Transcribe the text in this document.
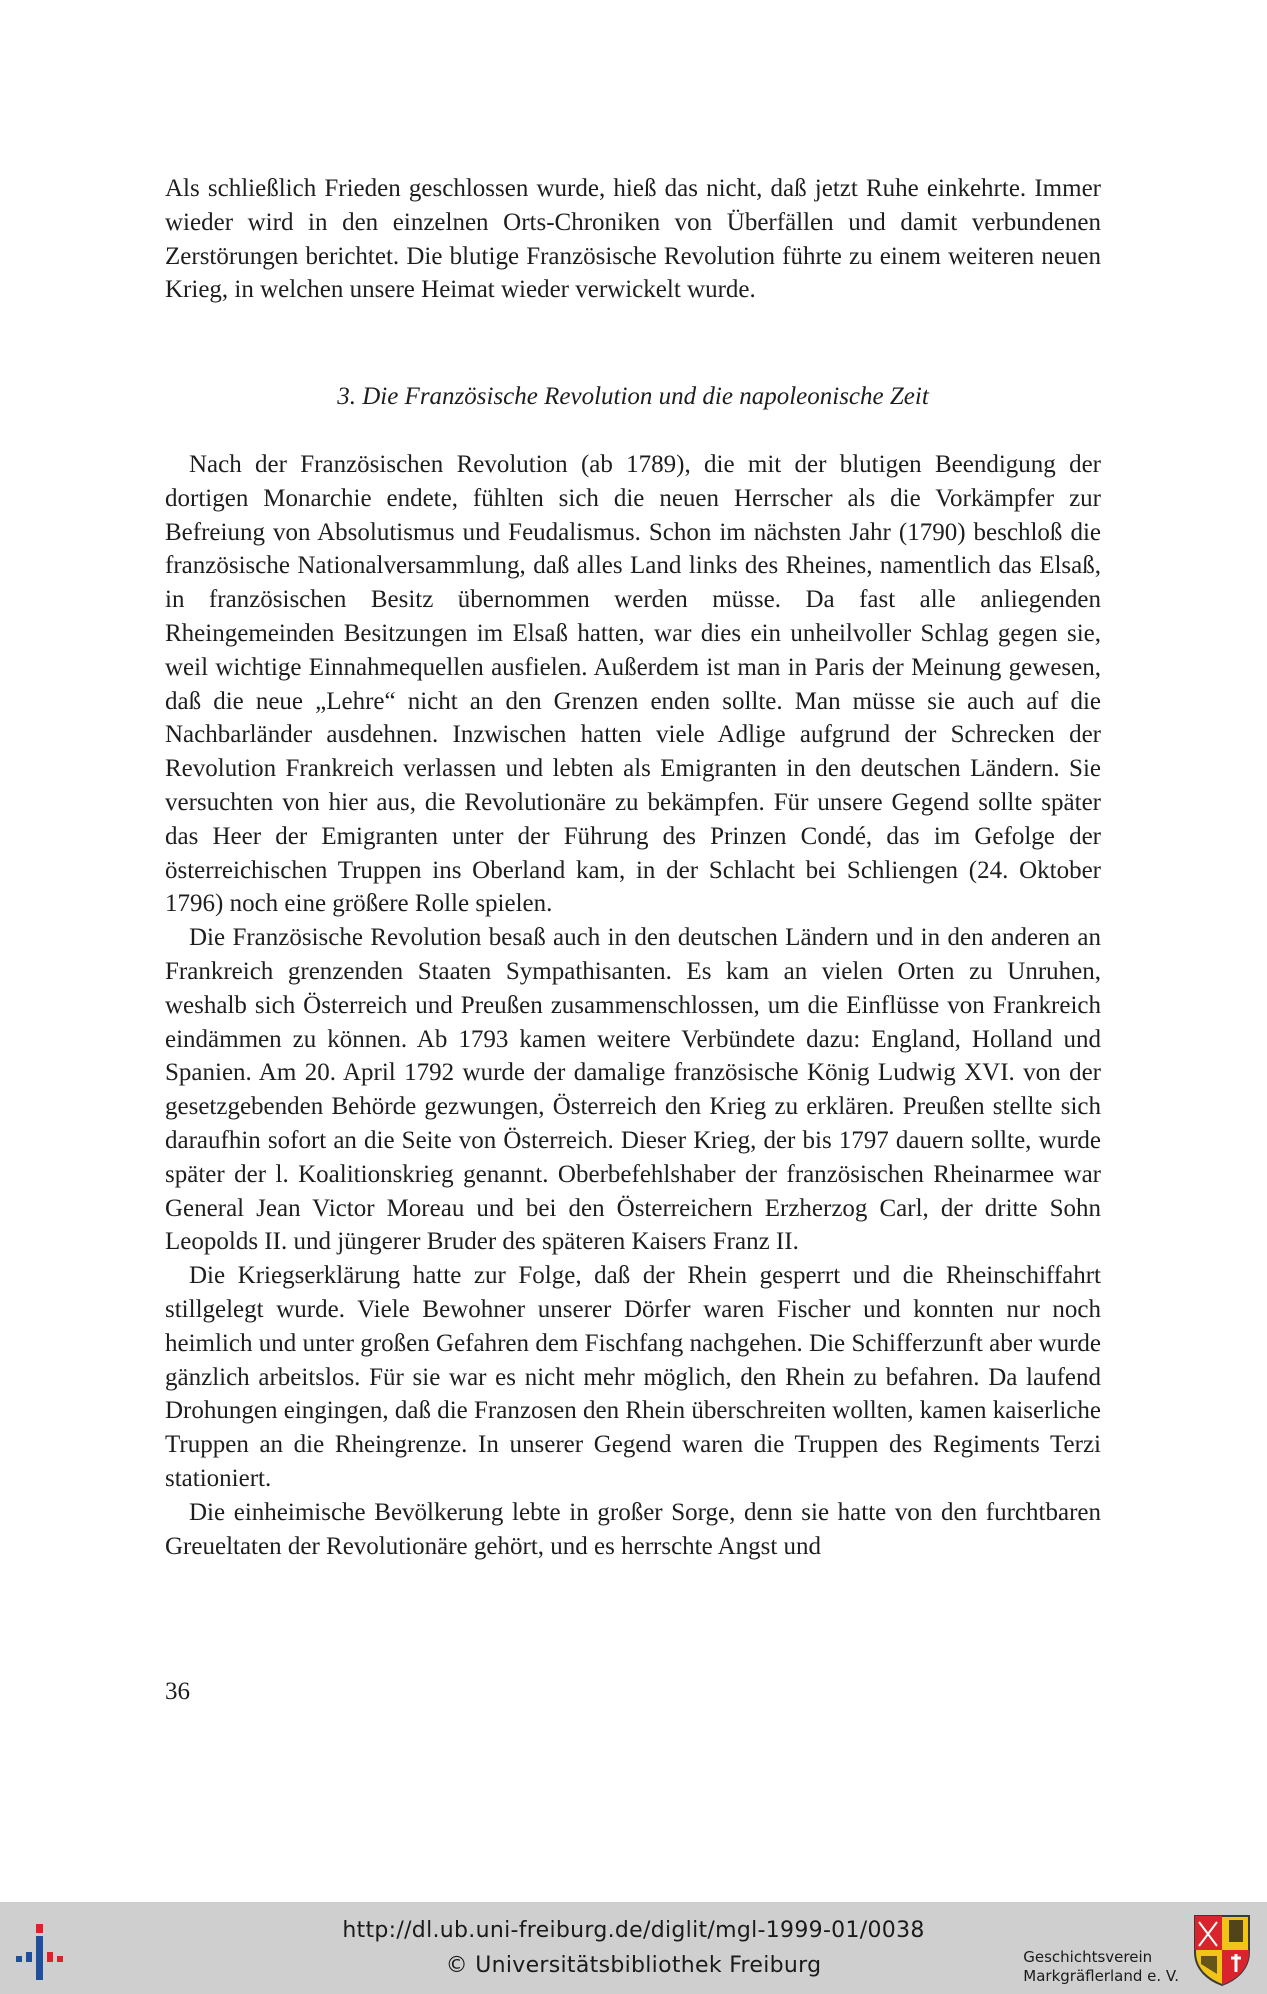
Als schließlich Frieden geschlossen wurde, hieß das nicht, daß jetzt Ruhe einkehrte. Immer wieder wird in den einzelnen Orts-Chroniken von Überfällen und damit verbundenen Zerstörungen berichtet. Die blutige Französische Revolution führte zu einem weiteren neuen Krieg, in welchen unsere Heimat wieder verwickelt wurde.

3. Die Französische Revolution und die napoleonische Zeit

Nach der Französischen Revolution (ab 1789), die mit der blutigen Beendigung der dortigen Monarchie endete, fühlten sich die neuen Herrscher als die Vorkämpfer zur Befreiung von Absolutismus und Feudalismus. Schon im nächsten Jahr (1790) beschloß die französische Nationalversammlung, daß alles Land links des Rheines, namentlich das Elsaß, in französischen Besitz übernommen werden müsse. Da fast alle anliegenden Rheingemeinden Besitzungen im Elsaß hatten, war dies ein unheilvoller Schlag gegen sie, weil wichtige Einnahmequellen ausfielen. Außerdem ist man in Paris der Meinung gewesen, daß die neue „Lehre“ nicht an den Grenzen enden sollte. Man müsse sie auch auf die Nachbarländer ausdehnen. Inzwischen hatten viele Adlige aufgrund der Schrecken der Revolution Frankreich verlassen und lebten als Emigranten in den deutschen Ländern. Sie versuchten von hier aus, die Revolutionäre zu bekämpfen. Für unsere Gegend sollte später das Heer der Emigranten unter der Führung des Prinzen Condé, das im Gefolge der österreichischen Truppen ins Oberland kam, in der Schlacht bei Schliengen (24. Oktober 1796) noch eine größere Rolle spielen.

Die Französische Revolution besaß auch in den deutschen Ländern und in den anderen an Frankreich grenzenden Staaten Sympathisanten. Es kam an vielen Orten zu Unruhen, weshalb sich Österreich und Preußen zusammenschlossen, um die Einflüsse von Frankreich eindämmen zu können. Ab 1793 kamen weitere Verbündete dazu: England, Holland und Spanien. Am 20. April 1792 wurde der damalige französische König Ludwig XVI. von der gesetzgebenden Behörde gezwungen, Österreich den Krieg zu erklären. Preußen stellte sich daraufhin sofort an die Seite von Österreich. Dieser Krieg, der bis 1797 dauern sollte, wurde später der l. Koalitionskrieg genannt. Oberbefehlshaber der französischen Rheinarmee war General Jean Victor Moreau und bei den Österreichern Erzherzog Carl, der dritte Sohn Leopolds II. und jüngerer Bruder des späteren Kaisers Franz II.

Die Kriegserklärung hatte zur Folge, daß der Rhein gesperrt und die Rheinschiffahrt stillgelegt wurde. Viele Bewohner unserer Dörfer waren Fischer und konnten nur noch heimlich und unter großen Gefahren dem Fischfang nachgehen. Die Schifferzunft aber wurde gänzlich arbeitslos. Für sie war es nicht mehr möglich, den Rhein zu befahren. Da laufend Drohungen eingingen, daß die Franzosen den Rhein überschreiten wollten, kamen kaiserliche Truppen an die Rheingrenze. In unserer Gegend waren die Truppen des Regiments Terzi stationiert.

Die einheimische Bevölkerung lebte in großer Sorge, denn sie hatte von den furchtbaren Greueltaten der Revolutionäre gehört, und es herrschte Angst und

36
http://dl.ub.uni-freiburg.de/diglit/mgl-1999-01/0038
© Universitätsbibliothek Freiburg	Geschichtsverein
Markgräflerland e. V.
